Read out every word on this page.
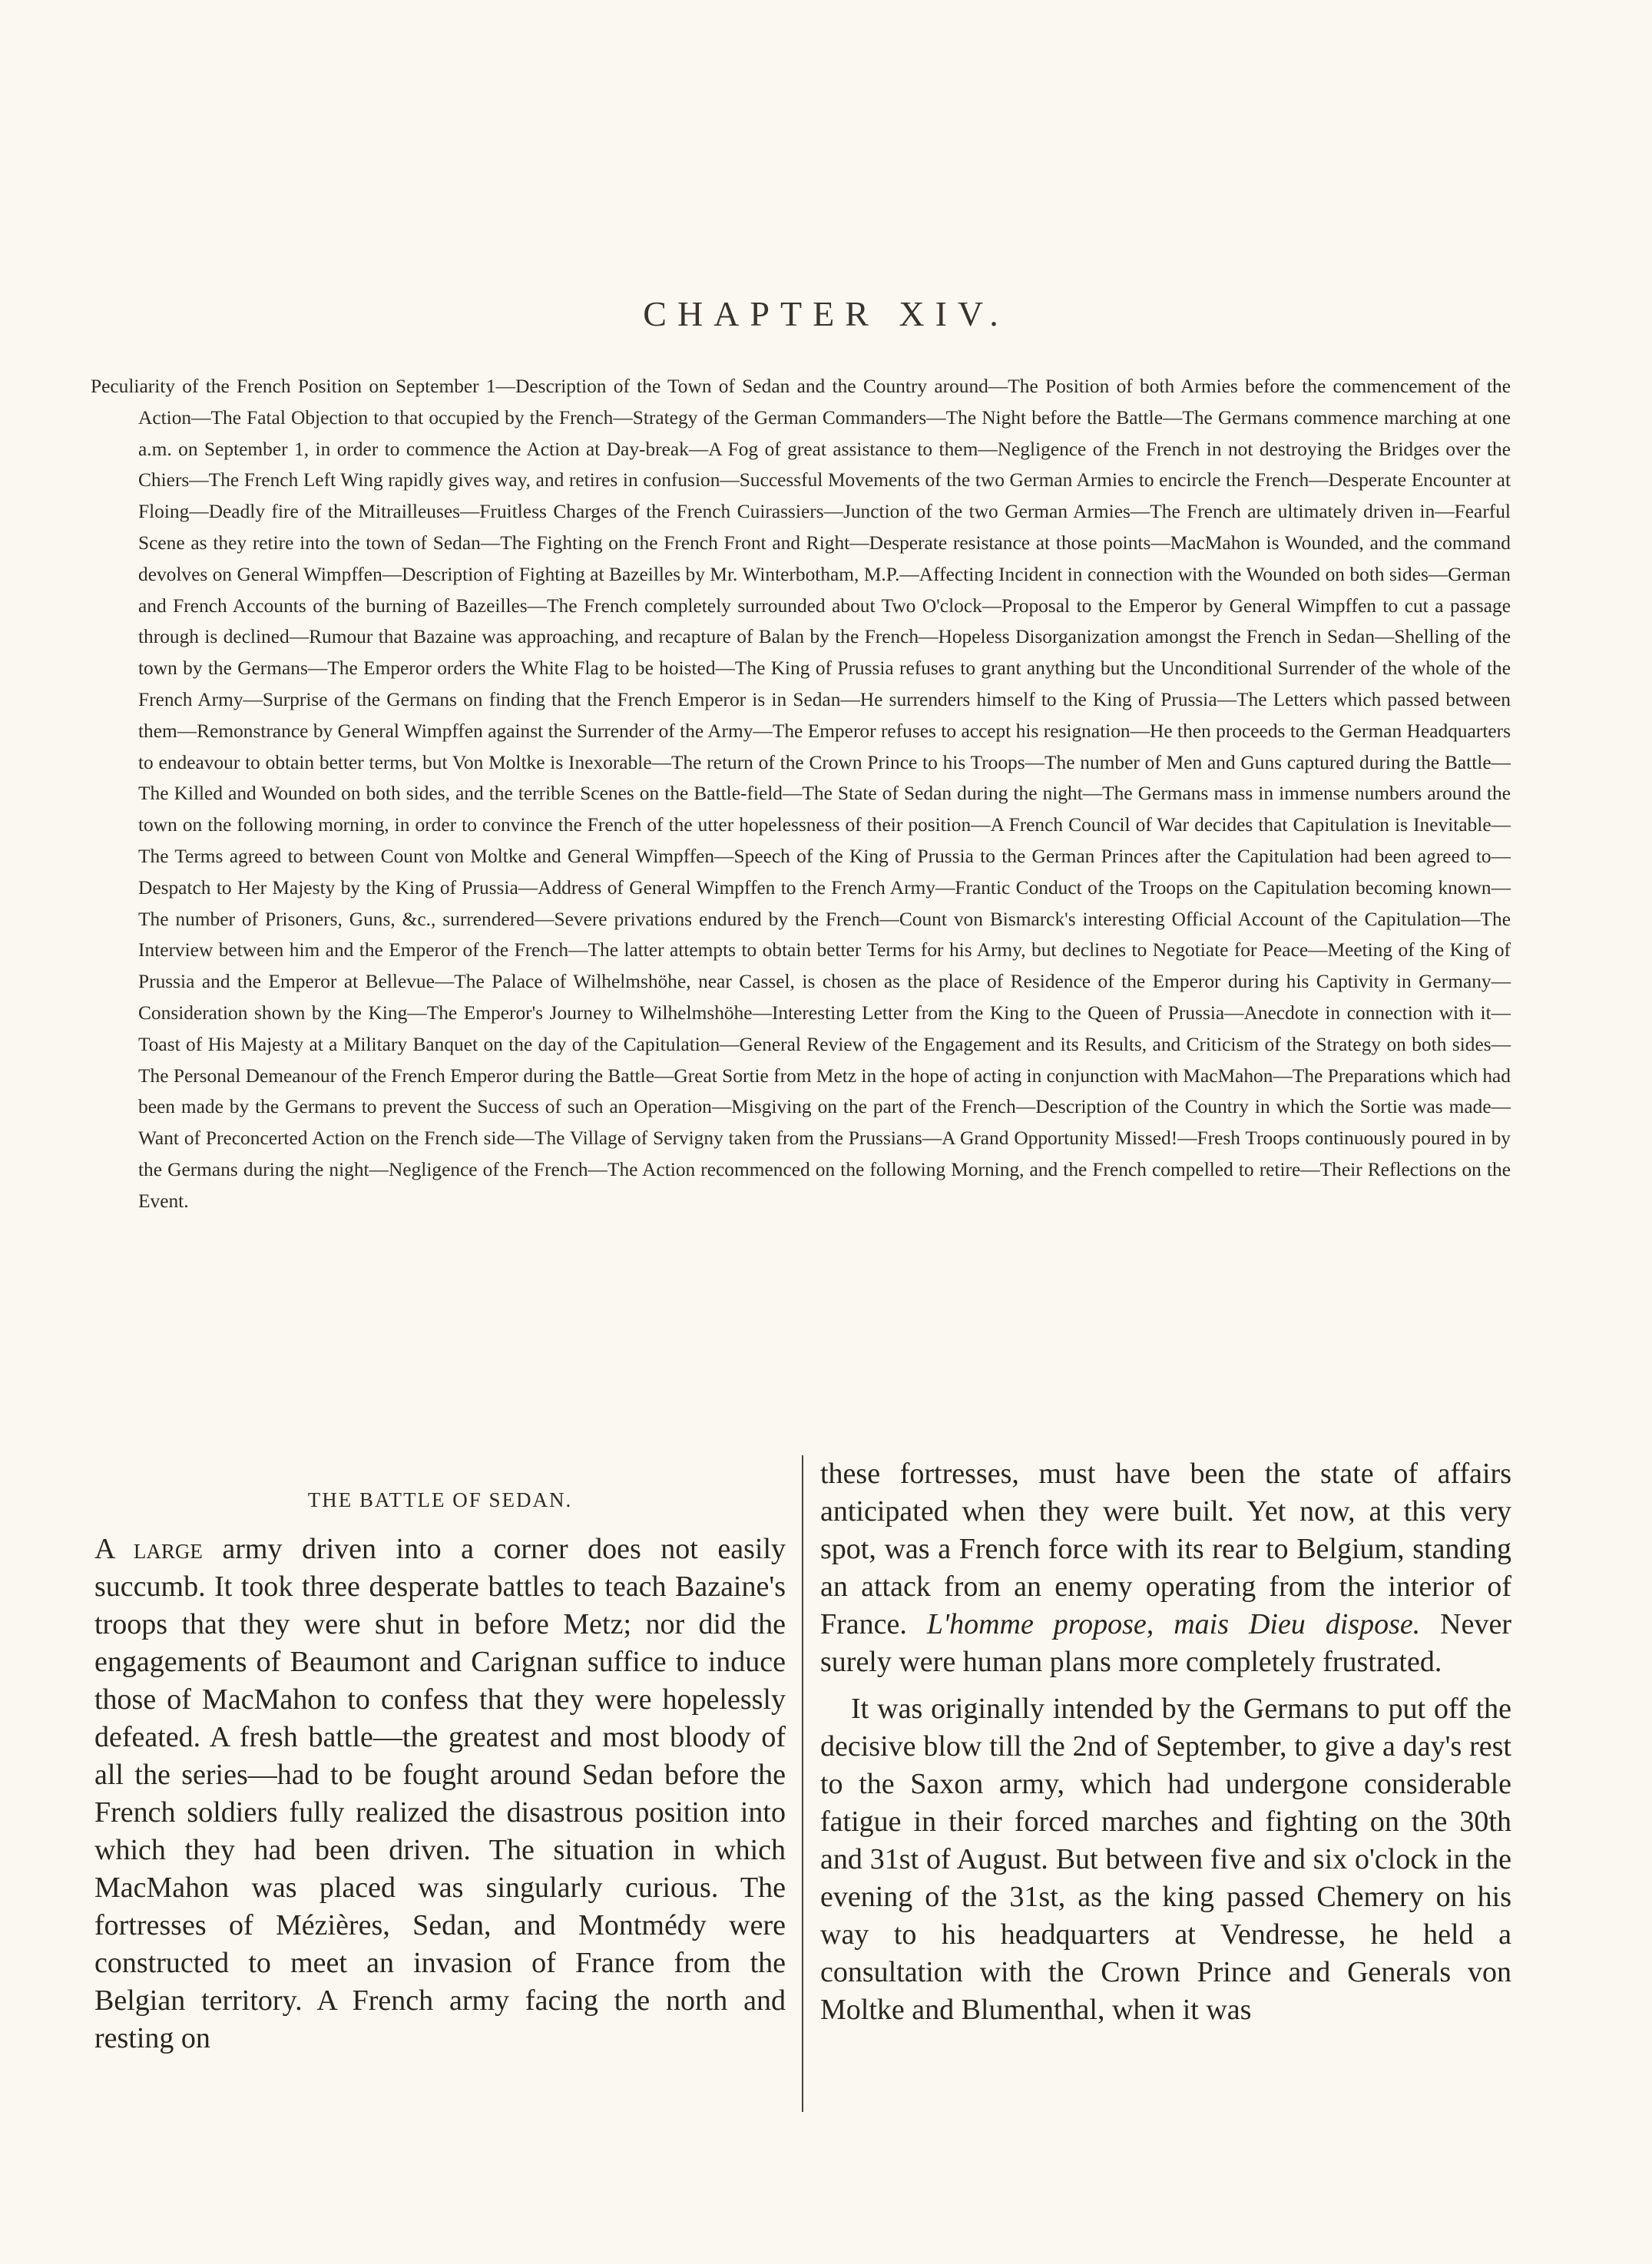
CHAPTER XIV.
Peculiarity of the French Position on September 1—Description of the Town of Sedan and the Country around—The Position of both Armies before the commencement of the Action—The Fatal Objection to that occupied by the French—Strategy of the German Commanders—The Night before the Battle—The Germans commence marching at one a.m. on September 1, in order to commence the Action at Day-break—A Fog of great assistance to them—Negligence of the French in not destroying the Bridges over the Chiers—The French Left Wing rapidly gives way, and retires in confusion—Successful Movements of the two German Armies to encircle the French—Desperate Encounter at Floing—Deadly fire of the Mitrailleuses—Fruitless Charges of the French Cuirassiers—Junction of the two German Armies—The French are ultimately driven in—Fearful Scene as they retire into the town of Sedan—The Fighting on the French Front and Right—Desperate resistance at those points—MacMahon is Wounded, and the command devolves on General Wimpffen—Description of Fighting at Bazeilles by Mr. Winterbotham, M.P.—Affecting Incident in connection with the Wounded on both sides—German and French Accounts of the burning of Bazeilles—The French completely surrounded about Two O'clock—Proposal to the Emperor by General Wimpffen to cut a passage through is declined—Rumour that Bazaine was approaching, and recapture of Balan by the French—Hopeless Disorganization amongst the French in Sedan—Shelling of the town by the Germans—The Emperor orders the White Flag to be hoisted—The King of Prussia refuses to grant anything but the Unconditional Surrender of the whole of the French Army—Surprise of the Germans on finding that the French Emperor is in Sedan—He surrenders himself to the King of Prussia—The Letters which passed between them—Remonstrance by General Wimpffen against the Surrender of the Army—The Emperor refuses to accept his resignation—He then proceeds to the German Headquarters to endeavour to obtain better terms, but Von Moltke is Inexorable—The return of the Crown Prince to his Troops—The number of Men and Guns captured during the Battle—The Killed and Wounded on both sides, and the terrible Scenes on the Battle-field—The State of Sedan during the night—The Germans mass in immense numbers around the town on the following morning, in order to convince the French of the utter hopelessness of their position—A French Council of War decides that Capitulation is Inevitable—The Terms agreed to between Count von Moltke and General Wimpffen—Speech of the King of Prussia to the German Princes after the Capitulation had been agreed to—Despatch to Her Majesty by the King of Prussia—Address of General Wimpffen to the French Army—Frantic Conduct of the Troops on the Capitulation becoming known—The number of Prisoners, Guns, &c., surrendered—Severe privations endured by the French—Count von Bismarck's interesting Official Account of the Capitulation—The Interview between him and the Emperor of the French—The latter attempts to obtain better Terms for his Army, but declines to Negotiate for Peace—Meeting of the King of Prussia and the Emperor at Bellevue—The Palace of Wilhelmshöhe, near Cassel, is chosen as the place of Residence of the Emperor during his Captivity in Germany—Consideration shown by the King—The Emperor's Journey to Wilhelmshöhe—Interesting Letter from the King to the Queen of Prussia—Anecdote in connection with it—Toast of His Majesty at a Military Banquet on the day of the Capitulation—General Review of the Engagement and its Results, and Criticism of the Strategy on both sides—The Personal Demeanour of the French Emperor during the Battle—Great Sortie from Metz in the hope of acting in conjunction with MacMahon—The Preparations which had been made by the Germans to prevent the Success of such an Operation—Misgiving on the part of the French—Description of the Country in which the Sortie was made—Want of Preconcerted Action on the French side—The Village of Servigny taken from the Prussians—A Grand Opportunity Missed!—Fresh Troops continuously poured in by the Germans during the night—Negligence of the French—The Action recommenced on the following Morning, and the French compelled to retire—Their Reflections on the Event.
THE BATTLE OF SEDAN.

A large army driven into a corner does not easily succumb. It took three desperate battles to teach Bazaine's troops that they were shut in before Metz; nor did the engagements of Beaumont and Carignan suffice to induce those of MacMahon to confess that they were hopelessly defeated. A fresh battle—the greatest and most bloody of all the series—had to be fought around Sedan before the French soldiers fully realized the disastrous position into which they had been driven. The situation in which MacMahon was placed was singularly curious. The fortresses of Mézières, Sedan, and Montmédy were constructed to meet an invasion of France from the Belgian territory. A French army facing the north and resting on

these fortresses, must have been the state of affairs anticipated when they were built. Yet now, at this very spot, was a French force with its rear to Belgium, standing an attack from an enemy operating from the interior of France. L'homme propose, mais Dieu dispose. Never surely were human plans more completely frustrated.

It was originally intended by the Germans to put off the decisive blow till the 2nd of September, to give a day's rest to the Saxon army, which had undergone considerable fatigue in their forced marches and fighting on the 30th and 31st of August. But between five and six o'clock in the evening of the 31st, as the king passed Chemery on his way to his headquarters at Vendresse, he held a consultation with the Crown Prince and Generals von Moltke and Blumenthal, when it was
